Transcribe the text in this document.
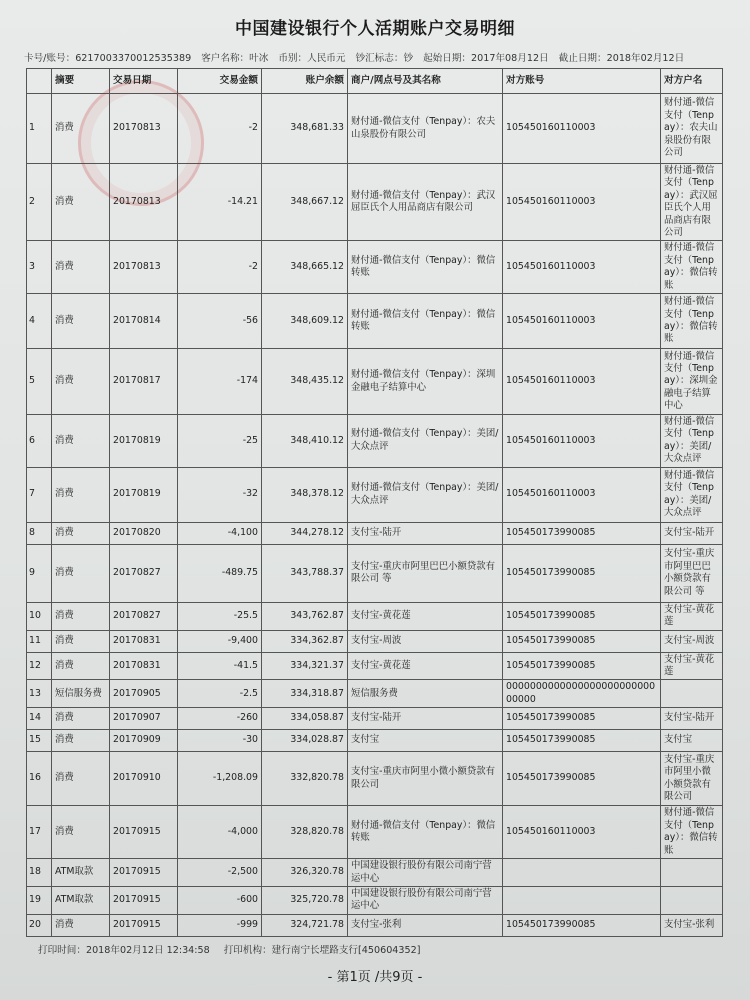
中国建设银行个人活期账户交易明细
卡号/账号：6217003370012535389 客户名称：叶冰 币别：人民币元 钞汇标志：钞 起始日期：2017年08月12日 截止日期：2018年02月12日
	摘要	交易日期	交易金额	账户余额	商户/网点号及其名称	对方账号	对方户名
1	消费	20170813	-2	348,681.33	财付通-微信支付（Tenpay）：农夫山泉股份有限公司	105450160110003	财付通-微信支付（Tenpay）：农夫山泉股份有限公司
2	消费	20170813	-14.21	348,667.12	财付通-微信支付（Tenpay）：武汉屈臣氏个人用品商店有限公司	105450160110003	财付通-微信支付（Tenpay）：武汉屈臣氏个人用品商店有限公司
3	消费	20170813	-2	348,665.12	财付通-微信支付（Tenpay）：微信转账	105450160110003	财付通-微信支付（Tenpay）：微信转账
4	消费	20170814	-56	348,609.12	财付通-微信支付（Tenpay）：微信转账	105450160110003	财付通-微信支付（Tenpay）：微信转账
5	消费	20170817	-174	348,435.12	财付通-微信支付（Tenpay）：深圳金融电子结算中心	105450160110003	财付通-微信支付（Tenpay）：深圳金融电子结算中心
6	消费	20170819	-25	348,410.12	财付通-微信支付（Tenpay）：美团/大众点评	105450160110003	财付通-微信支付（Tenpay）：美团/大众点评
7	消费	20170819	-32	348,378.12	财付通-微信支付（Tenpay）：美团/大众点评	105450160110003	财付通-微信支付（Tenpay）：美团/大众点评
8	消费	20170820	-4,100	344,278.12	支付宝-陆开	105450173990085	支付宝-陆开
9	消费	20170827	-489.75	343,788.37	支付宝-重庆市阿里巴巴小额贷款有限公司 等	105450173990085	支付宝-重庆市阿里巴巴小额贷款有限公司 等
10	消费	20170827	-25.5	343,762.87	支付宝-黄花莲	105450173990085	支付宝-黄花莲
11	消费	20170831	-9,400	334,362.87	支付宝-周波	105450173990085	支付宝-周波
12	消费	20170831	-41.5	334,321.37	支付宝-黄花莲	105450173990085	支付宝-黄花莲
13	短信服务费	20170905	-2.5	334,318.87	短信服务费	000000000000000000000000000000	
14	消费	20170907	-260	334,058.87	支付宝-陆开	105450173990085	支付宝-陆开
15	消费	20170909	-30	334,028.87	支付宝	105450173990085	支付宝
16	消费	20170910	-1,208.09	332,820.78	支付宝-重庆市阿里小微小额贷款有限公司	105450173990085	支付宝-重庆市阿里小微小额贷款有限公司
17	消费	20170915	-4,000	328,820.78	财付通-微信支付（Tenpay）：微信转账	105450160110003	财付通-微信支付（Tenpay）：微信转账
18	ATM取款	20170915	-2,500	326,320.78	中国建设银行股份有限公司南宁营运中心		
19	ATM取款	20170915	-600	325,720.78	中国建设银行股份有限公司南宁营运中心		
20	消费	20170915	-999	324,721.78	支付宝-张利	105450173990085	支付宝-张利
打印时间：2018年02月12日 12:34:58 打印机构：建行南宁长堽路支行[450604352]
- 第1页 /共9页 -
